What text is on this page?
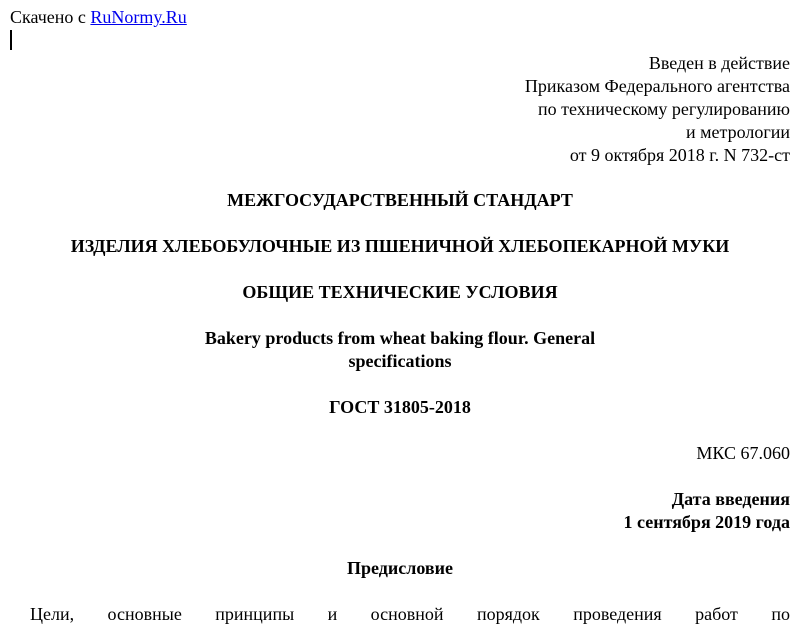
Скачено с RuNormy.Ru
Введен в действие
Приказом Федерального агентства
по техническому регулированию
и метрологии
от 9 октября 2018 г. N 732-ст
МЕЖГОСУДАРСТВЕННЫЙ СТАНДАРТ
ИЗДЕЛИЯ ХЛЕБОБУЛОЧНЫЕ ИЗ ПШЕНИЧНОЙ ХЛЕБОПЕКАРНОЙ МУКИ
ОБЩИЕ ТЕХНИЧЕСКИЕ УСЛОВИЯ
Bakery products from wheat baking flour. General
specifications
ГОСТ 31805-2018
МКС 67.060
Дата введения
1 сентября 2019 года
Предисловие
Цели, основные принципы и основной порядок проведения работ по
